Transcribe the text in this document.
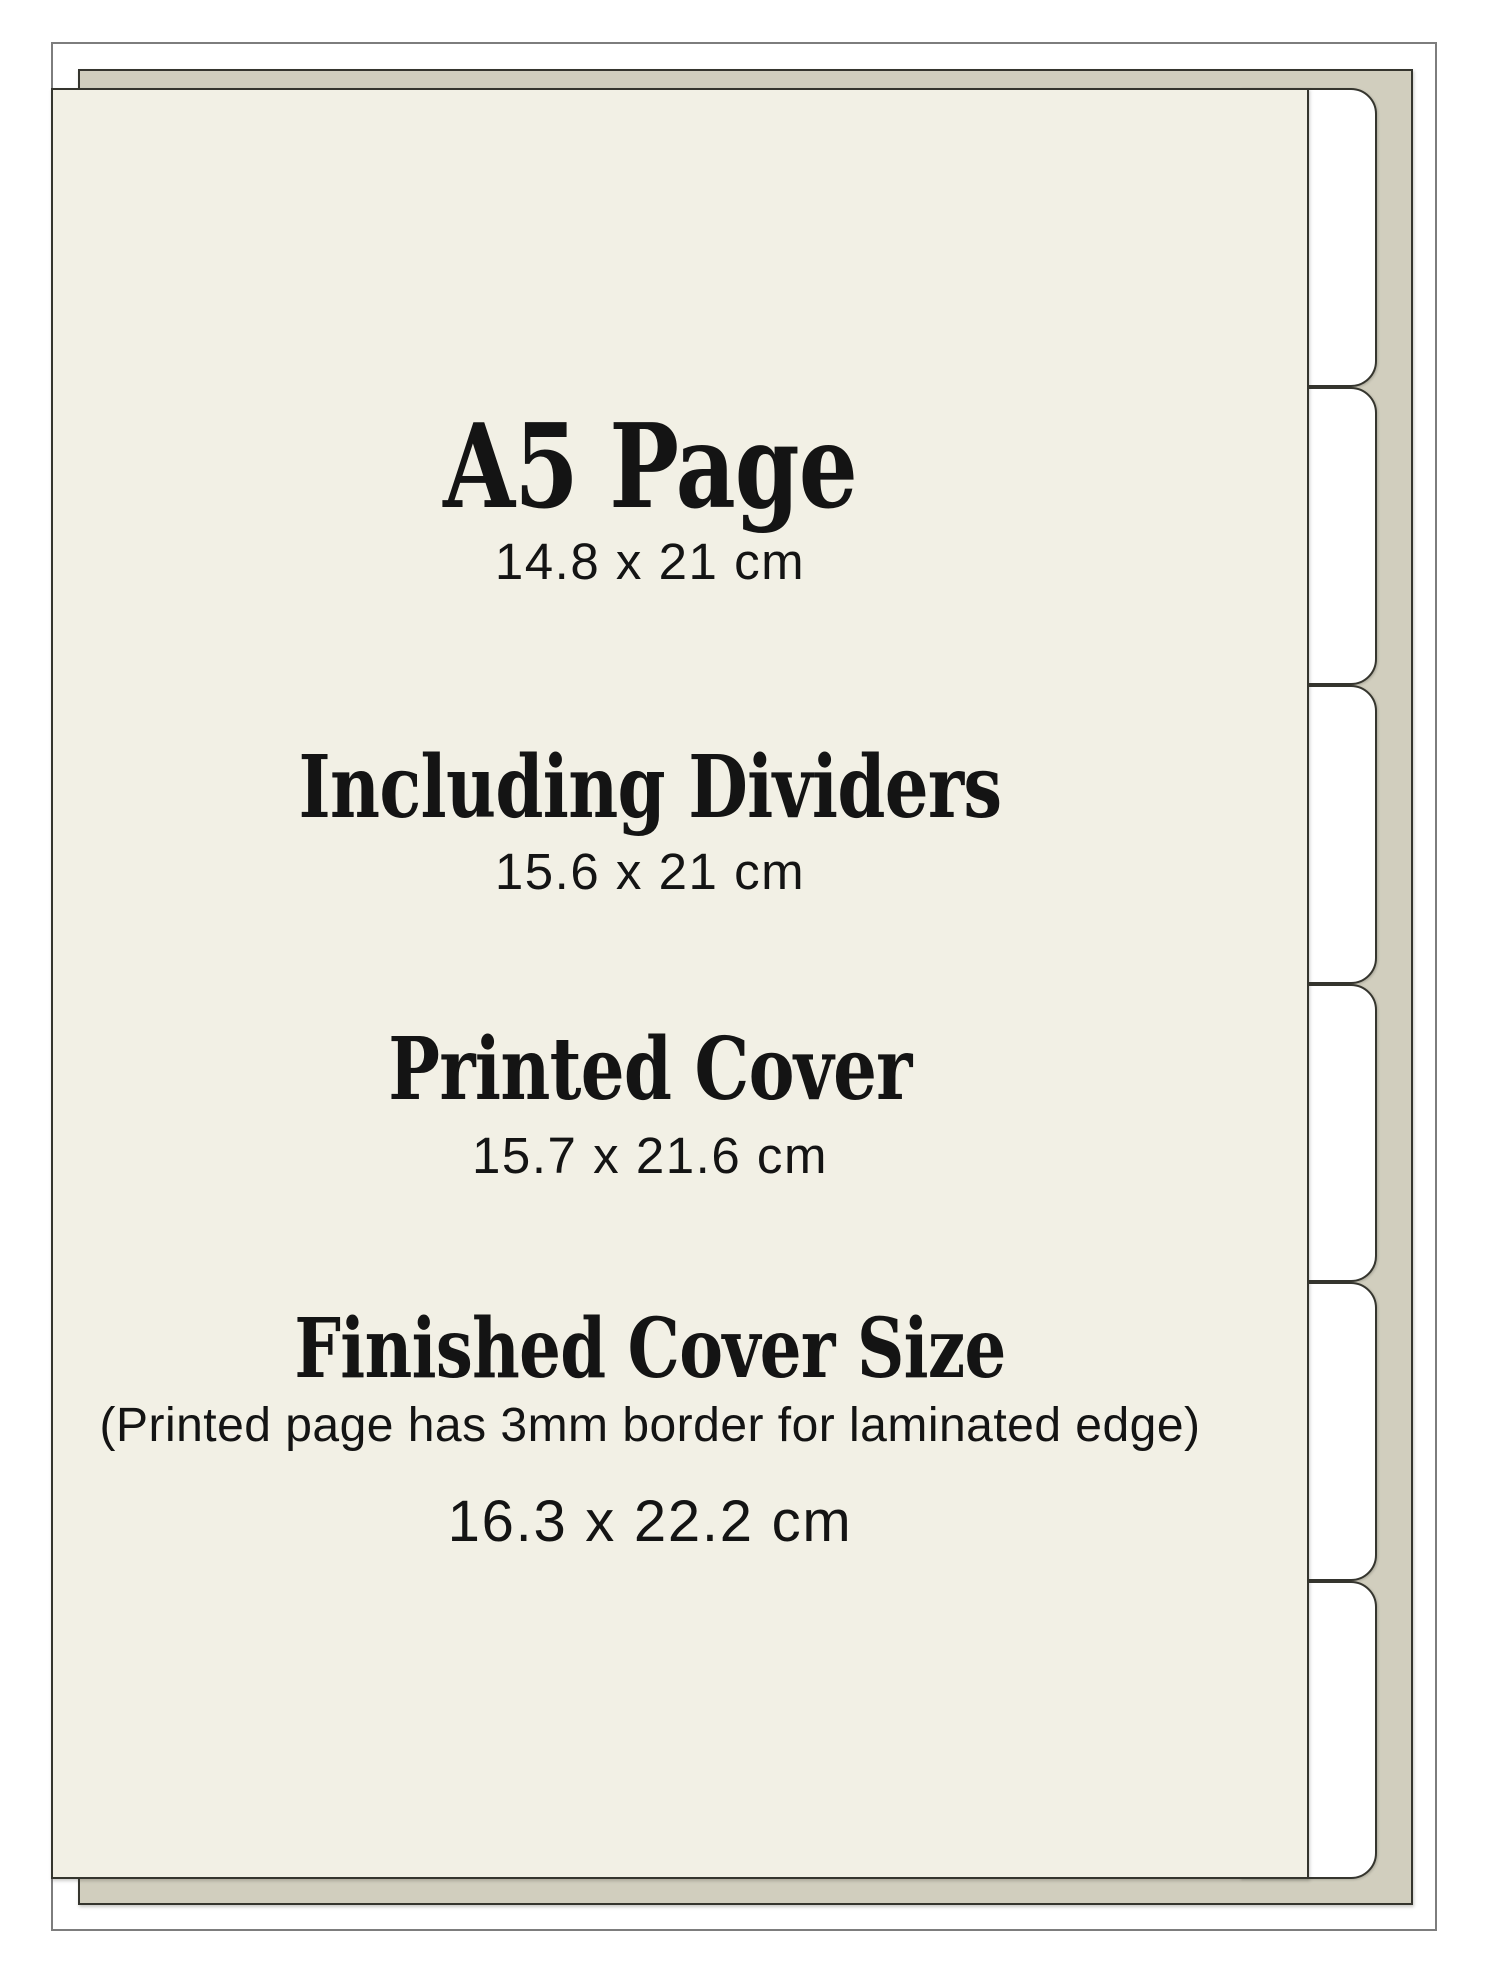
A5 Page
14.8 x 21 cm
Including Dividers
15.6 x 21 cm
Printed Cover
15.7 x 21.6 cm
Finished Cover Size
(Printed page has 3mm border for laminated edge)
16.3 x 22.2 cm
